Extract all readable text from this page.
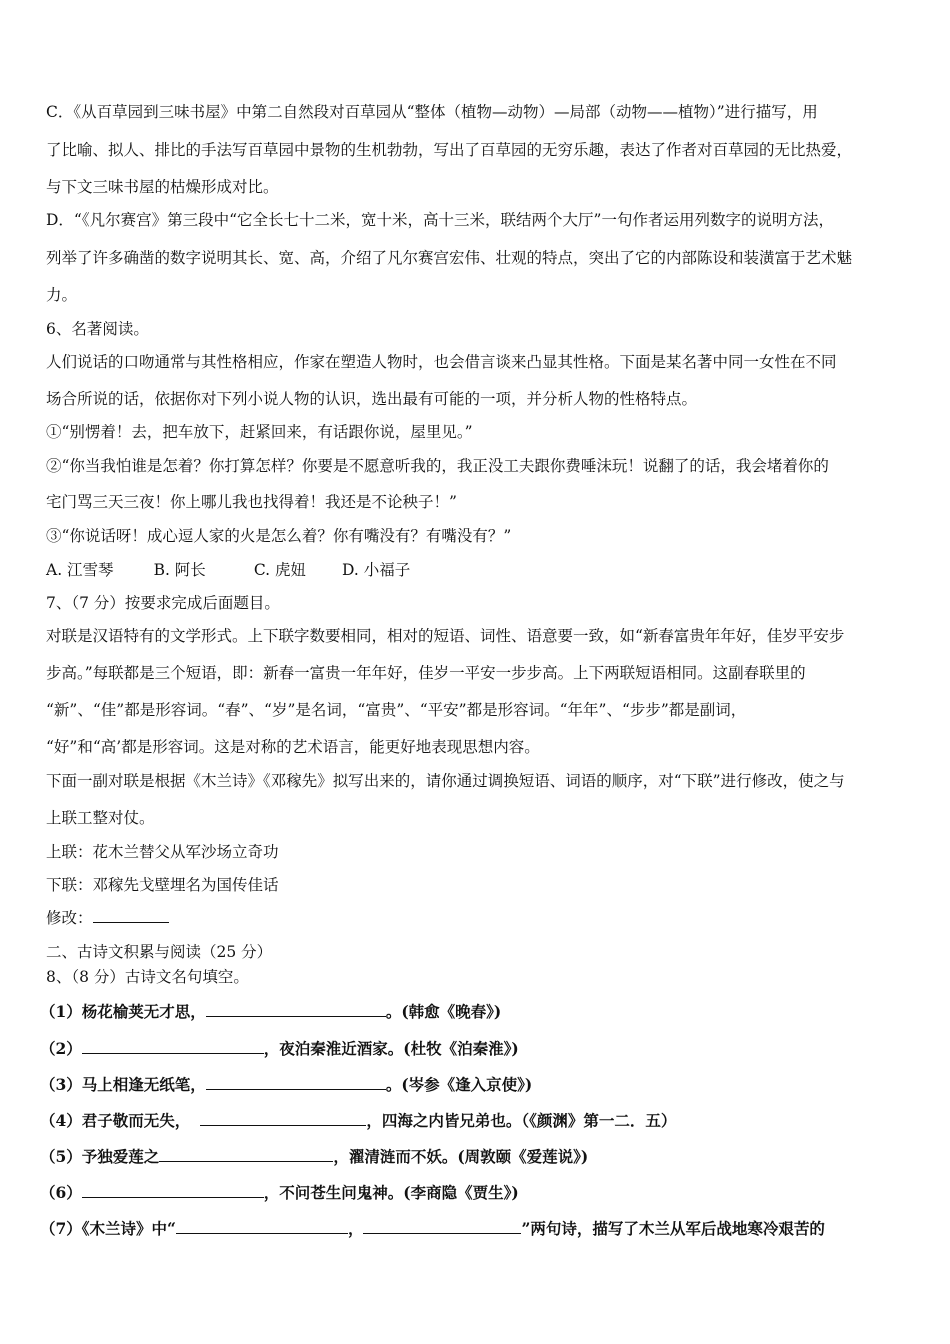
C．《从百草园到三味书屋》中第二自然段对百草园从“整体（植物—动物）—局部（动物——植物）”进行描写，用
了比喻、拟人、排比的手法写百草园中景物的生机勃勃，写出了百草园的无穷乐趣，表达了作者对百草园的无比热爱，
与下文三味书屋的枯燥形成对比。
D．“《凡尔赛宫》第三段中“它全长七十二米，宽十米，高十三米，联结两个大厅”一句作者运用列数字的说明方法，
列举了许多确凿的数字说明其长、宽、高，介绍了凡尔赛宫宏伟、壮观的特点，突出了它的内部陈设和装潢富于艺术魅
力。
6、名著阅读。
人们说话的口吻通常与其性格相应，作家在塑造人物时，也会借言谈来凸显其性格。下面是某名著中同一女性在不同
场合所说的话，依据你对下列小说人物的认识，选出最有可能的一项，并分析人物的性格特点。
①“别愣着！去，把车放下，赶紧回来，有话跟你说，屋里见。”
②“你当我怕谁是怎着？你打算怎样？你要是不愿意听我的，我正没工夫跟你费唾沫玩！说翻了的话，我会堵着你的
宅门骂三天三夜！你上哪儿我也找得着！我还是不论秧子！”
③“你说话呀！成心逗人家的火是怎么着？你有嘴没有？有嘴没有？”
A. 江雪琴	B. 阿长	C. 虎妞 D. 小福子
7、（7 分）按要求完成后面题目。
对联是汉语特有的文学形式。上下联字数要相同，相对的短语、词性、语意要一致，如“新春富贵年年好，佳岁平安步
步高。”每联都是三个短语，即：新春一富贵一年年好，佳岁一平安一步步高。上下两联短语相同。这副春联里的
“新”、“佳”都是形容词。“春”、“岁”是名词，“富贵”、“平安”都是形容词。“年年”、“步步”都是副词，
“好”和“高’都是形容词。这是对称的艺术语言，能更好地表现思想内容。
下面一副对联是根据《木兰诗》《邓稼先》拟写出来的，请你通过调换短语、词语的顺序，对“下联”进行修改，使之与
上联工整对仗。
上联：花木兰替父从军沙场立奇功
下联：邓稼先戈壁埋名为国传佳话
修改：
二、古诗文积累与阅读（25 分）
8、（8 分）古诗文名句填空。
（1）杨花榆荚无才思，	。(韩愈《晚春》)
（2）	，夜泊秦淮近酒家。(杜牧《泊秦淮》)
（3）马上相逢无纸笔，	。(岑参《逢入京使》)
（4）君子敬而无失，	，四海之内皆兄弟也。（《颜渊》第一二．五）
（5）予独爱莲之	，濯清涟而不妖。(周敦颐《爱莲说》)
（6）	，不问苍生问鬼神。(李商隐《贾生》)
（7）《木兰诗》中“	，	”两句诗，描写了木兰从军后战地寒冷艰苦的
